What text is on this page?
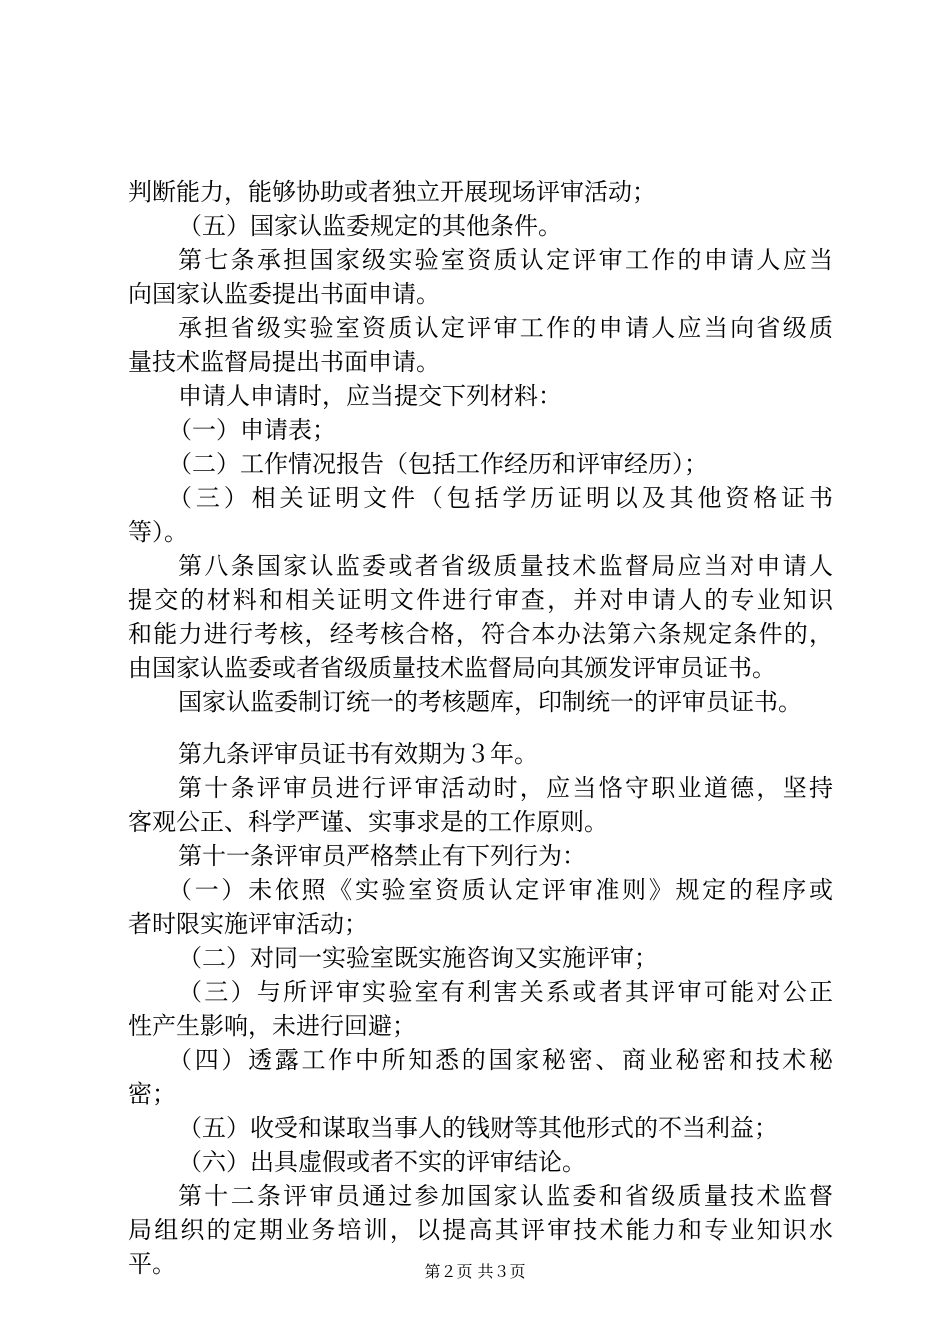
判断能力，能够协助或者独立开展现场评审活动；
（五）国家认监委规定的其他条件。
第七条承担国家级实验室资质认定评审工作的申请人应当
向国家认监委提出书面申请。
承担省级实验室资质认定评审工作的申请人应当向省级质
量技术监督局提出书面申请。
申请人申请时，应当提交下列材料：
（一）申请表；
（二）工作情况报告（包括工作经历和评审经历）；
（三）相关证明文件（包括学历证明以及其他资格证书
等）。
第八条国家认监委或者省级质量技术监督局应当对申请人
提交的材料和相关证明文件进行审查，并对申请人的专业知识
和能力进行考核，经考核合格，符合本办法第六条规定条件的，
由国家认监委或者省级质量技术监督局向其颁发评审员证书。
国家认监委制订统一的考核题库，印制统一的评审员证书。
第九条评审员证书有效期为３年。
第十条评审员进行评审活动时，应当恪守职业道德，坚持
客观公正、科学严谨、实事求是的工作原则。
第十一条评审员严格禁止有下列行为：
（一）未依照《实验室资质认定评审准则》规定的程序或
者时限实施评审活动；
（二）对同一实验室既实施咨询又实施评审；
（三）与所评审实验室有利害关系或者其评审可能对公正
性产生影响，未进行回避；
（四）透露工作中所知悉的国家秘密、商业秘密和技术秘
密；
（五）收受和谋取当事人的钱财等其他形式的不当利益；
（六）出具虚假或者不实的评审结论。
第十二条评审员通过参加国家认监委和省级质量技术监督
局组织的定期业务培训，以提高其评审技术能力和专业知识水
平。	第２页 共３页
